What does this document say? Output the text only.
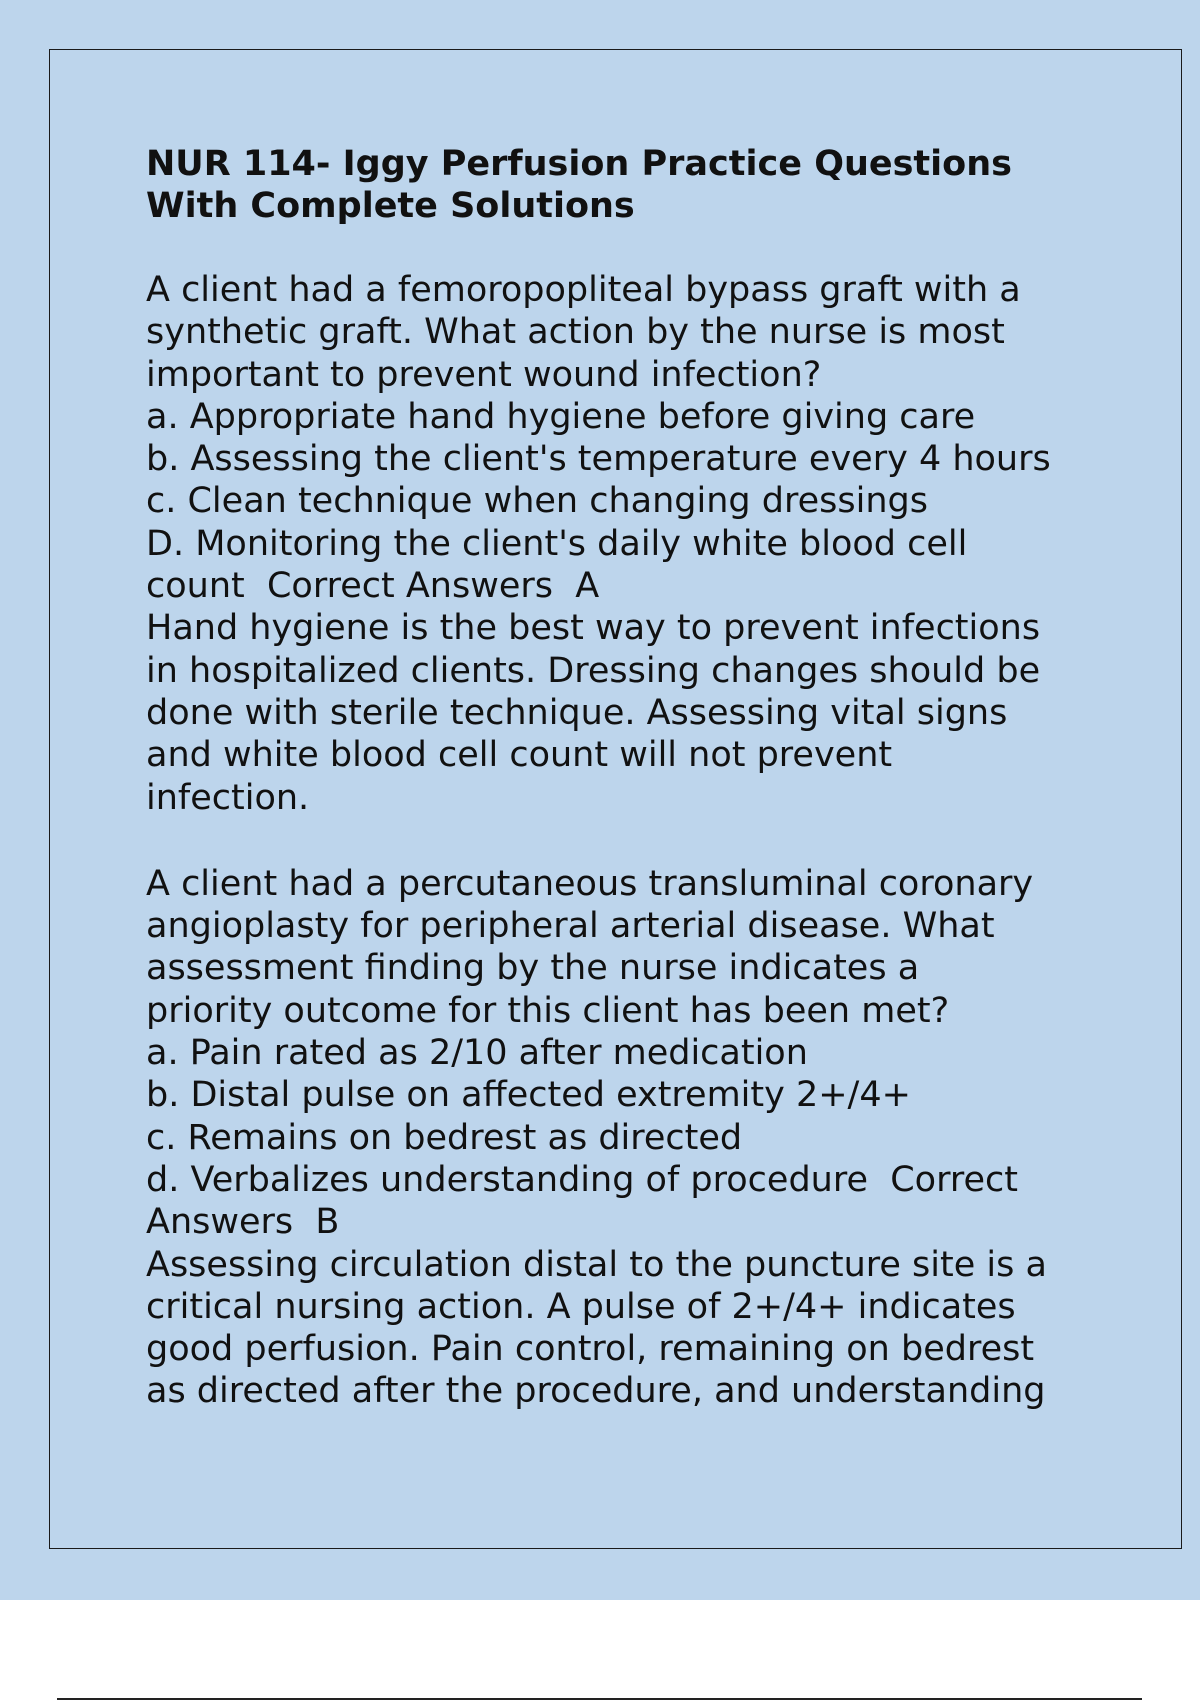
NUR 114- Iggy Perfusion Practice Questions With Complete Solutions
A client had a femoropopliteal bypass graft with a
synthetic graft. What action by the nurse is most
important to prevent wound infection?
a. Appropriate hand hygiene before giving care
b. Assessing the client's temperature every 4 hours
c. Clean technique when changing dressings
D. Monitoring the client's daily white blood cell
count  Correct Answers  A
Hand hygiene is the best way to prevent infections
in hospitalized clients. Dressing changes should be
done with sterile technique. Assessing vital signs
and white blood cell count will not prevent
infection.
A client had a percutaneous transluminal coronary
angioplasty for peripheral arterial disease. What
assessment finding by the nurse indicates a
priority outcome for this client has been met?
a. Pain rated as 2/10 after medication
b. Distal pulse on affected extremity 2+/4+
c. Remains on bedrest as directed
d. Verbalizes understanding of procedure  Correct
Answers  B
Assessing circulation distal to the puncture site is a
critical nursing action. A pulse of 2+/4+ indicates
good perfusion. Pain control, remaining on bedrest
as directed after the procedure, and understanding
